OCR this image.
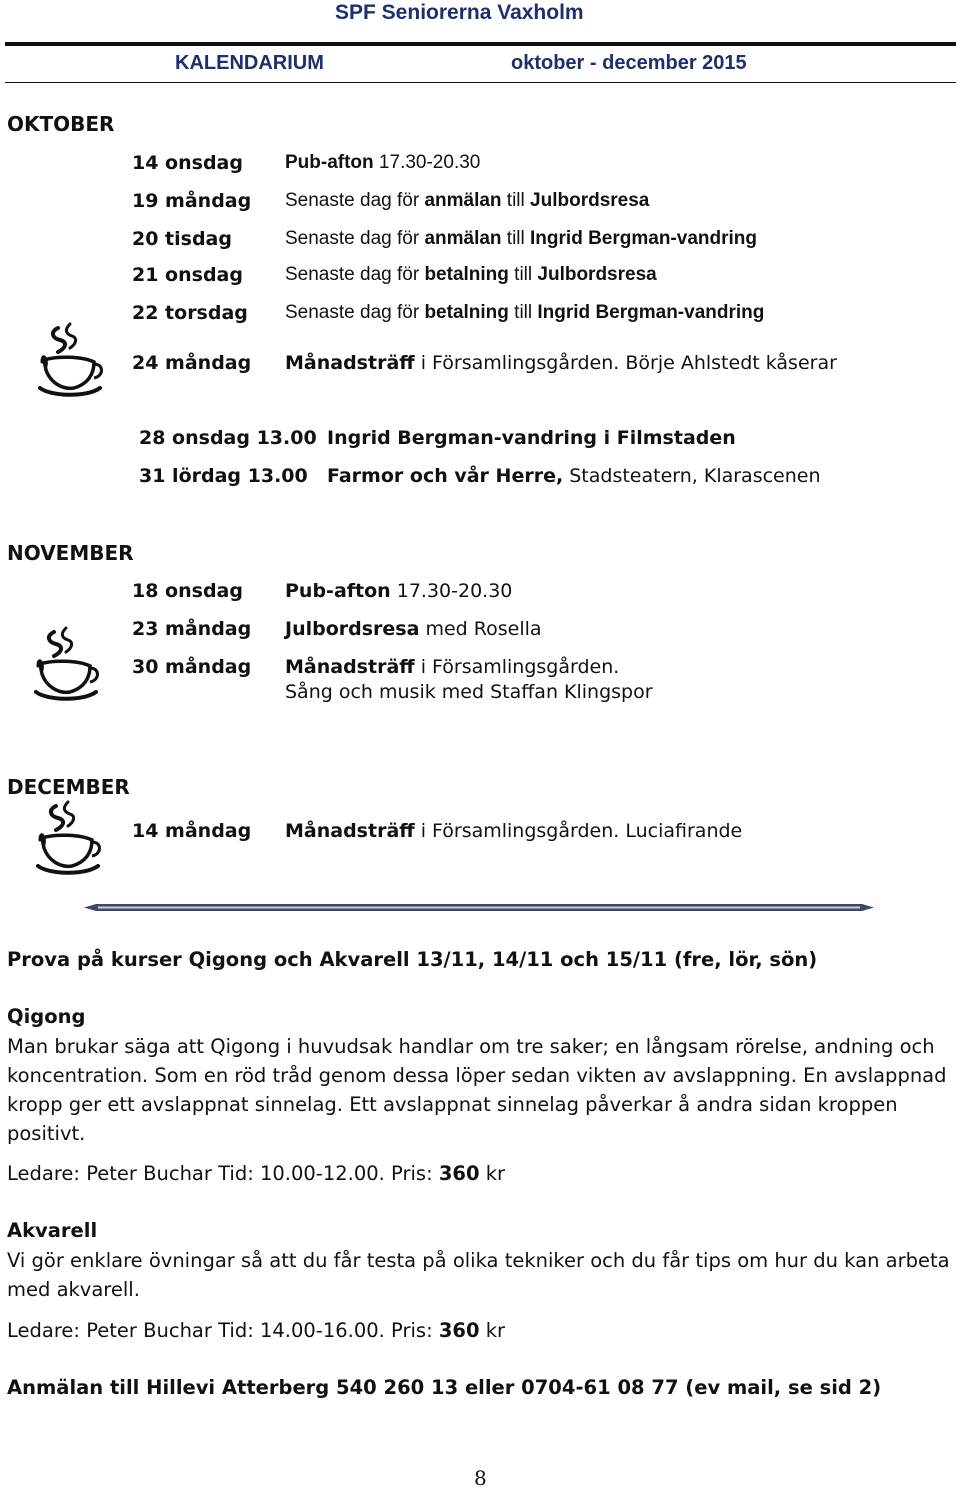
SPF Seniorerna Vaxholm
KALENDARIUM	oktober - december 2015
OKTOBER
14 onsdag Pub-afton 17.30-20.30
19 måndag Senaste dag för anmälan till Julbordsresa
20 tisdag	Senaste dag för anmälan till Ingrid Bergman-vandring
21 onsdag Senaste dag för betalning till Julbordsresa
22 torsdag Senaste dag för betalning till Ingrid Bergman-vandring
24 måndag Månadsträff i Församlingsgården. Börje Ahlstedt kåserar
28 onsdag 13.00 Ingrid Bergman-vandring i Filmstaden
31 lördag 13.00 Farmor och vår Herre, Stadsteatern, Klarascenen
NOVEMBER
18 onsdag Pub-afton 17.30-20.30
23 måndag Julbordsresa med Rosella
30 måndag Månadsträff i Församlingsgården.
Sång och musik med Staffan Klingspor
DECEMBER
14 måndag Månadsträff i Församlingsgården. Luciafirande
Prova på kurser Qigong och Akvarell 13/11, 14/11 och 15/11 (fre, lör, sön)
Qigong
Man brukar säga att Qigong i huvudsak handlar om tre saker; en långsam rörelse, andning och koncentration. Som en röd tråd genom dessa löper sedan vikten av avslappning. En avslappnad kropp ger ett avslappnat sinnelag. Ett avslappnat sinnelag påverkar å andra sidan kroppen positivt.
Ledare: Peter Buchar Tid: 10.00-12.00. Pris: 360 kr
Akvarell
Vi gör enklare övningar så att du får testa på olika tekniker och du får tips om hur du kan arbeta med akvarell.
Ledare: Peter Buchar Tid: 14.00-16.00. Pris: 360 kr
Anmälan till Hillevi Atterberg 540 260 13 eller 0704-61 08 77 (ev mail, se sid 2)
8
